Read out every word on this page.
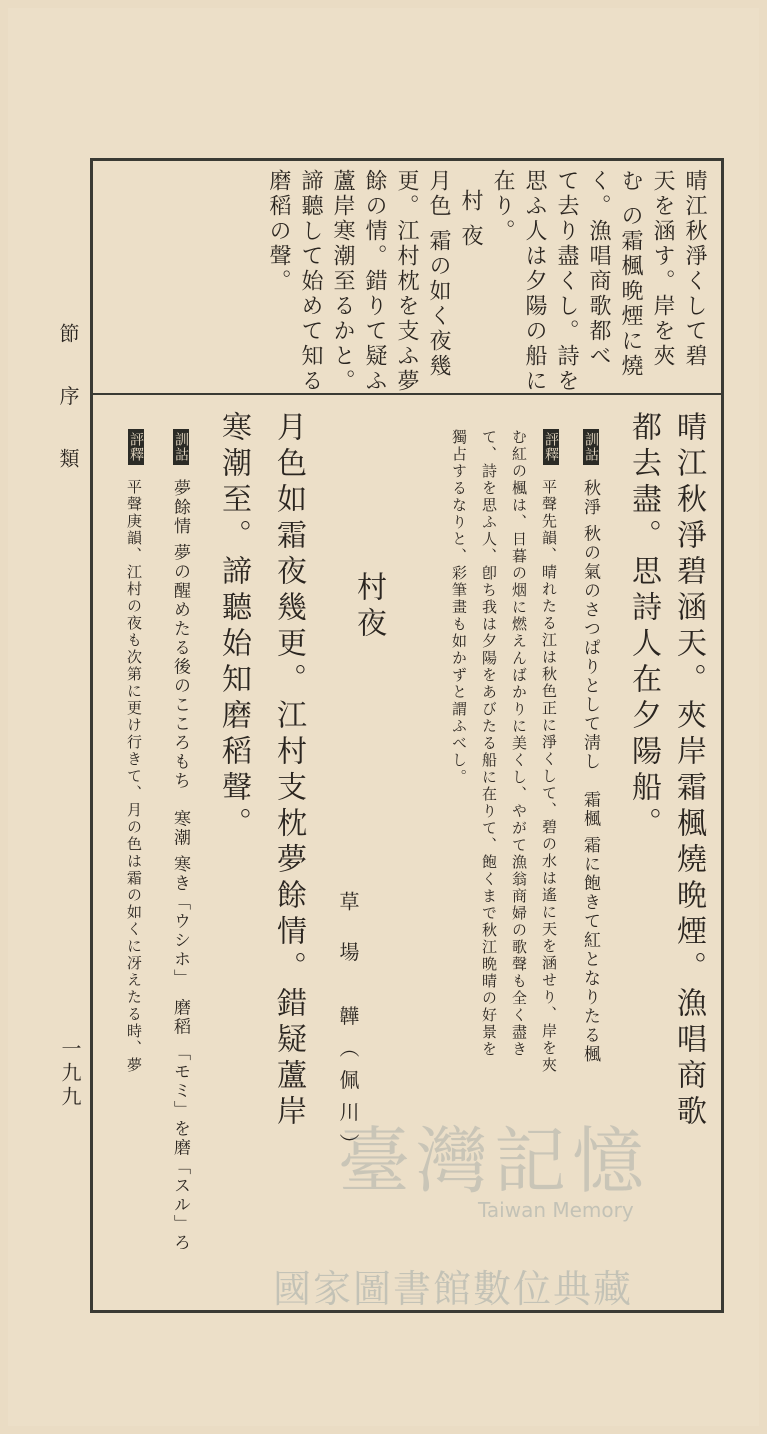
節 序 類
一九九
晴江秋淨くして碧
天を涵す。岸を夾
む の霜楓晩煙に燒
く。漁唱商歌都べ
て去り盡くし。詩を
思ふ人は夕陽の船に
在り。
村 夜
月色 霜の如く夜幾
更。江村枕を支ふ夢
餘の情。錯りて疑ふ
蘆岸寒潮至るかと。
諦聽して始めて知る
磨稻の聲。
晴江秋淨碧涵天。夾岸霜楓燒晩煙。漁唱商歌
都去盡。思詩人在夕陽船。
訓詁
秋淨 秋の氣のさつぱりとして淸し　霜楓 霜に飽きて紅となりたる楓
評釋
平聲先韻、晴れたる江は秋色正に淨くして、碧の水は遙に天を涵せり、岸を夾
む紅の楓は、日暮の烟に燃えんばかりに美くし、やがて漁翁商婦の歌聲も全く盡き
て、詩を思ふ人、卽ち我は夕陽をあびたる船に在りて、飽くまで秋江晩晴の好景を
獨占するなりと、彩筆畫も如かずと謂ふべし。
村夜
草 場　韡（佩川）
月色如霜夜幾更。江村支枕夢餘情。錯疑蘆岸
寒潮至。諦聽始知磨稻聲。
訓詁
夢餘情 夢の醒めたる後のこころもち　寒潮 寒き「ウシホ」　磨稻 「モミ」を磨「スル」ろ
評釋
平聲庚韻、江村の夜も次第に更け行きて、月の色は霜の如くに冴えたる時、夢
臺灣記憶
Taiwan Memory
國家圖書館數位典藏
